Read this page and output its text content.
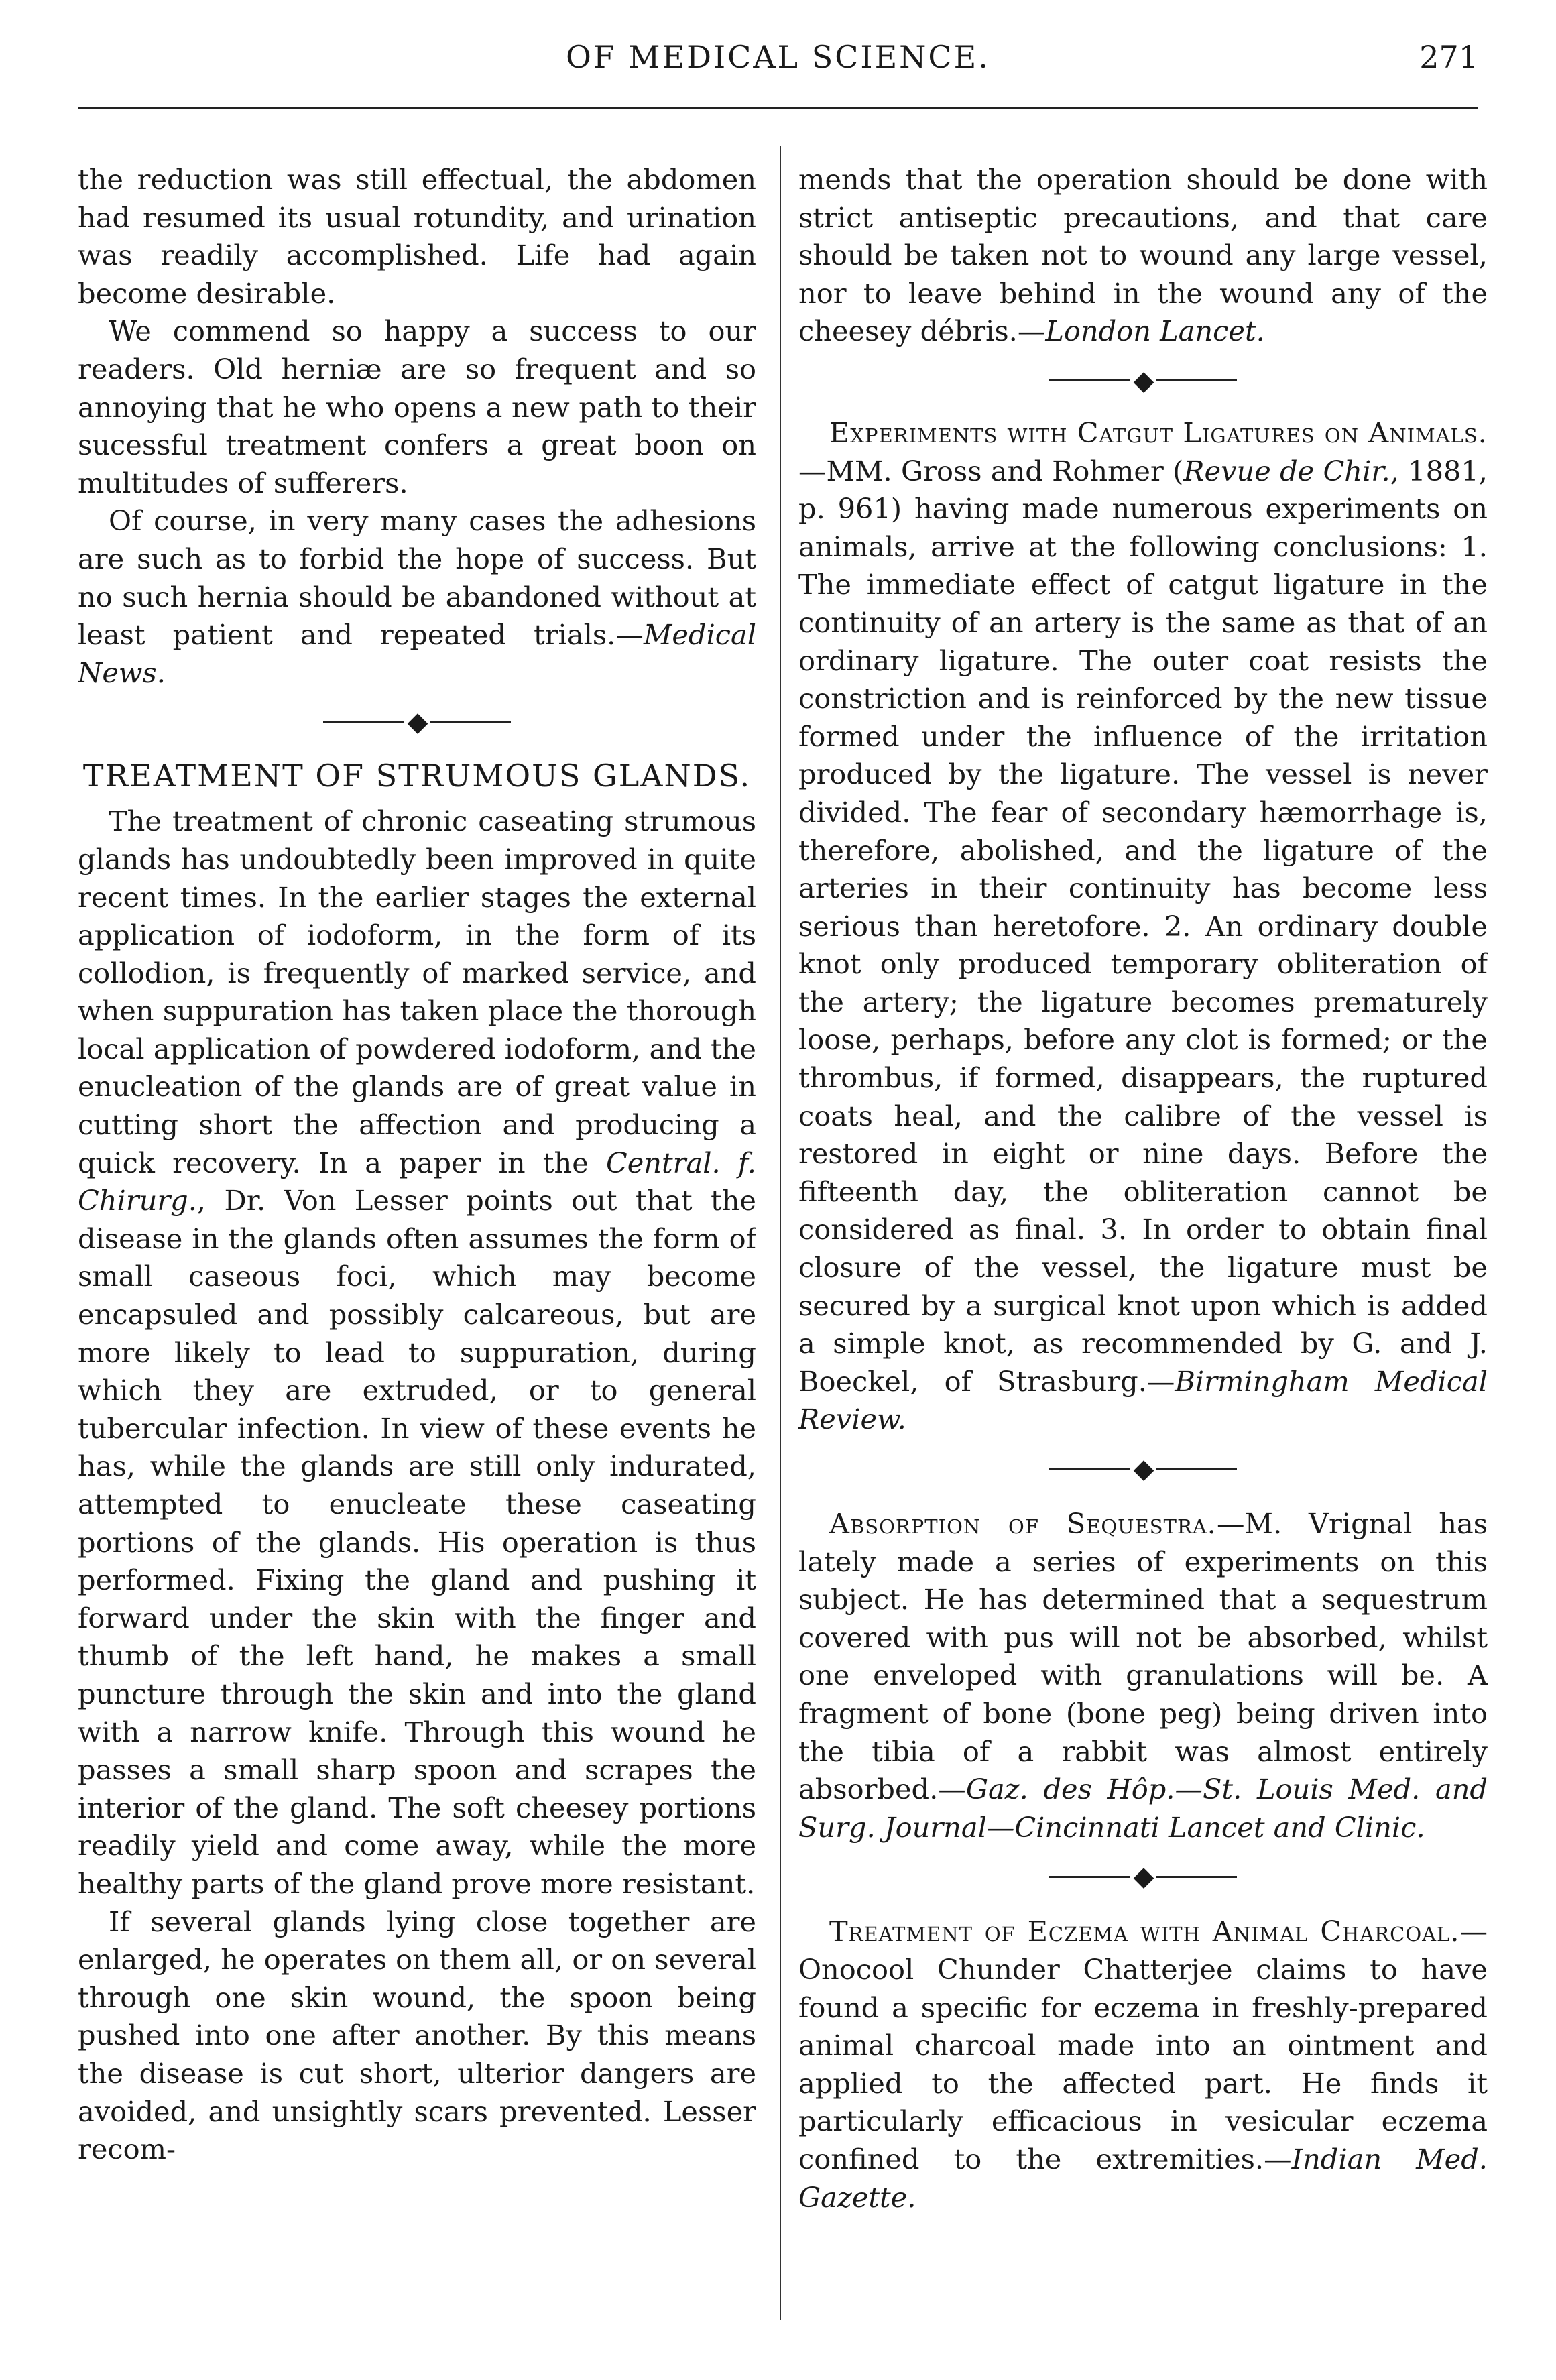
OF MEDICAL SCIENCE.	271

the reduction was still effectual, the abdomen had resumed its usual rotundity, and urination was readily accomplished. Life had again become desirable.

We commend so happy a success to our readers. Old herniæ are so frequent and so annoying that he who opens a new path to their sucessful treatment confers a great boon on multitudes of sufferers.

Of course, in very many cases the adhesions are such as to forbid the hope of success. But no such hernia should be abandoned without at least patient and repeated trials.—Medical News.

◆
TREATMENT OF STRUMOUS GLANDS.

The treatment of chronic caseating strumous glands has undoubtedly been improved in quite recent times. In the earlier stages the external application of iodoform, in the form of its collodion, is frequently of marked service, and when suppuration has taken place the thorough local application of powdered iodoform, and the enucleation of the glands are of great value in cutting short the affection and producing a quick recovery. In a paper in the Central. f. Chirurg., Dr. Von Lesser points out that the disease in the glands often assumes the form of small caseous foci, which may become encapsuled and possibly calcareous, but are more likely to lead to suppuration, during which they are extruded, or to general tubercular infection. In view of these events he has, while the glands are still only indurated, attempted to enucleate these caseating portions of the glands. His operation is thus performed. Fixing the gland and pushing it forward under the skin with the finger and thumb of the left hand, he makes a small puncture through the skin and into the gland with a narrow knife. Through this wound he passes a small sharp spoon and scrapes the interior of the gland. The soft cheesey portions readily yield and come away, while the more healthy parts of the gland prove more resistant.

If several glands lying close together are enlarged, he operates on them all, or on several through one skin wound, the spoon being pushed into one after another. By this means the disease is cut short, ulterior dangers are avoided, and unsightly scars prevented. Lesser recom-

mends that the operation should be done with strict antiseptic precautions, and that care should be taken not to wound any large vessel, nor to leave behind in the wound any of the cheesey débris.—London Lancet.

◆

Experiments with Catgut Ligatures on Animals.—MM. Gross and Rohmer (Revue de Chir., 1881, p. 961) having made numerous experiments on animals, arrive at the following conclusions: 1. The immediate effect of catgut ligature in the continuity of an artery is the same as that of an ordinary ligature. The outer coat resists the constriction and is reinforced by the new tissue formed under the influence of the irritation produced by the ligature. The vessel is never divided. The fear of secondary hæmorrhage is, therefore, abolished, and the ligature of the arteries in their continuity has become less serious than heretofore. 2. An ordinary double knot only produced temporary obliteration of the artery; the ligature becomes prematurely loose, perhaps, before any clot is formed; or the thrombus, if formed, disappears, the ruptured coats heal, and the calibre of the vessel is restored in eight or nine days. Before the fifteenth day, the obliteration cannot be considered as final. 3. In order to obtain final closure of the vessel, the ligature must be secured by a surgical knot upon which is added a simple knot, as recommended by G. and J. Boeckel, of Strasburg.—Birmingham Medical Review.

◆

Absorption of Sequestra.—M. Vrignal has lately made a series of experiments on this subject. He has determined that a sequestrum covered with pus will not be absorbed, whilst one enveloped with granulations will be. A fragment of bone (bone peg) being driven into the tibia of a rabbit was almost entirely absorbed.—Gaz. des Hôp.—St. Louis Med. and Surg. Journal—Cincinnati Lancet and Clinic.

◆

Treatment of Eczema with Animal Charcoal.—Onocool Chunder Chatterjee claims to have found a specific for eczema in freshly-prepared animal charcoal made into an ointment and applied to the affected part. He finds it particularly efficacious in vesicular eczema confined to the extremities.—Indian Med. Gazette.
